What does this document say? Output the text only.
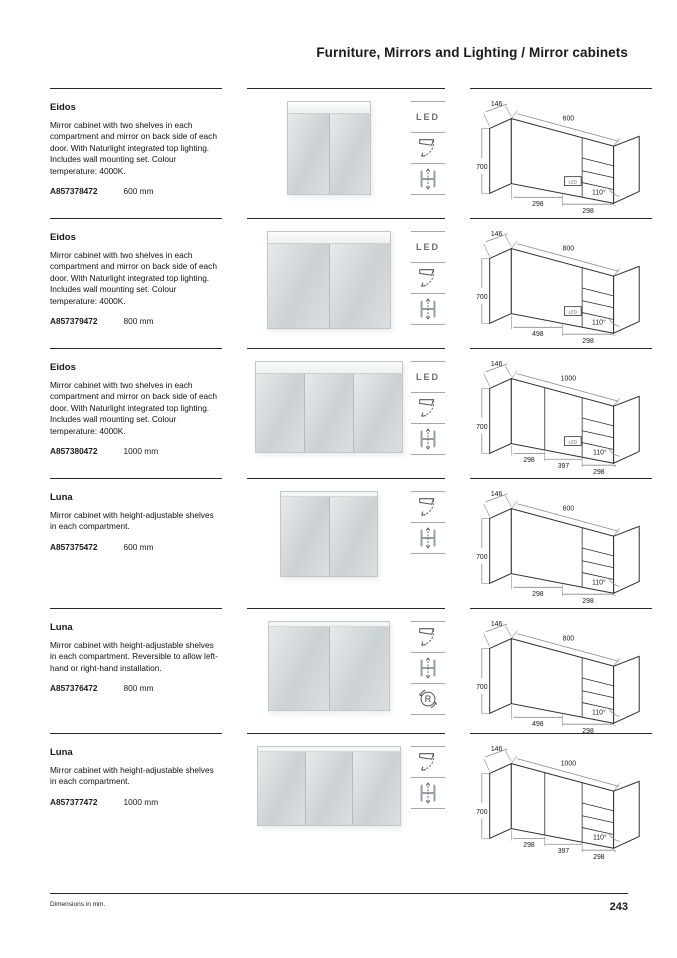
Furniture, Mirrors and Lighting / Mirror cabinets

Eidos

Mirror cabinet with two shelves in each compartment and mirror on back side of each door. With Naturlight integrated top lighting. Includes wall mounting set. Colour temperature: 4000K.

A857378472	600 mm
LED
146
600
700
LED
110°
298
298

Eidos

Mirror cabinet with two shelves in each compartment and mirror on back side of each door. With Naturlight integrated top lighting. Includes wall mounting set. Colour temperature: 4000K.

A857379472	800 mm
LED
146
800
700
LED
110°
498
298

Eidos

Mirror cabinet with two shelves in each compartment and mirror on back side of each door. With Naturlight integrated top lighting. Includes wall mounting set. Colour temperature: 4000K.

A857380472	1000 mm
LED
146
1000
700
LED
110°
298
397
298

Luna

Mirror cabinet with height-adjustable shelves in each compartment.

A857375472	600 mm
146
600
700
110°
298
298

Luna

Mirror cabinet with height-adjustable shelves in each compartment. Reversible to allow left-hand or right-hand installation.

A857376472	800 mm
R
146
800
700
110°
498
298

Luna

Mirror cabinet with height-adjustable shelves in each compartment.

A857377472	1000 mm
146
1000
700
110°
298
397
298
Dimensions in mm.	243
